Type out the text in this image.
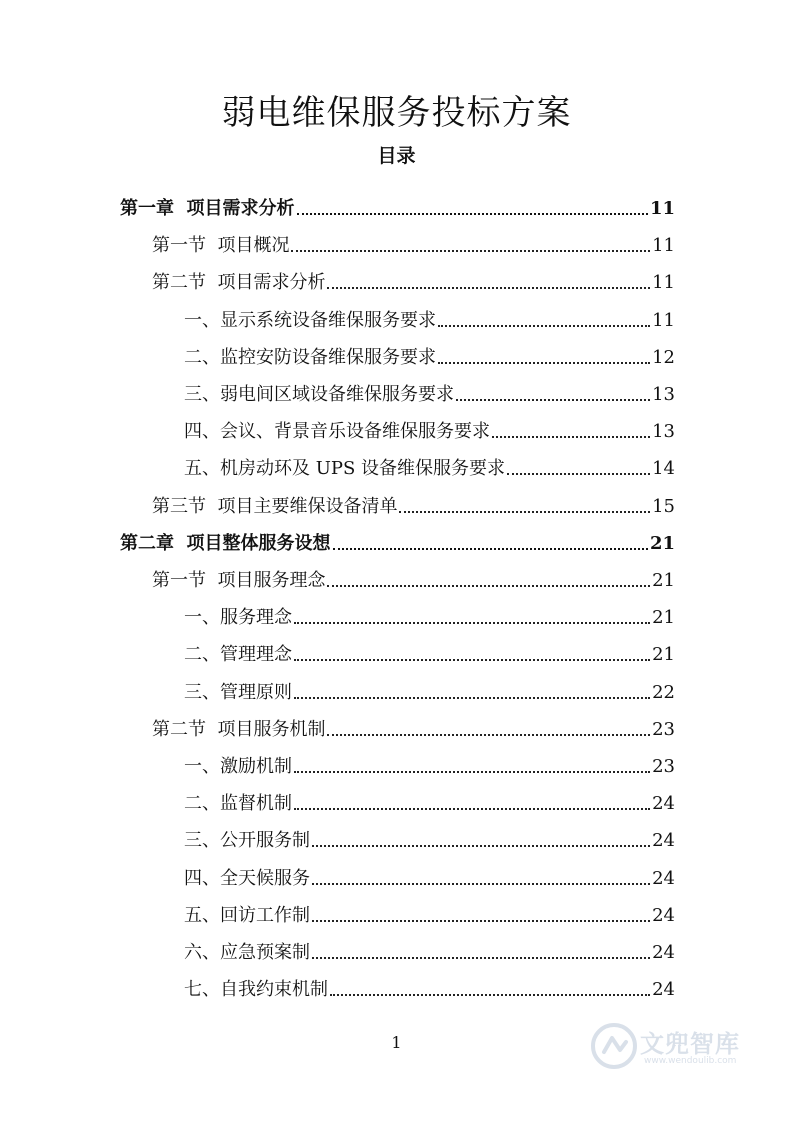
弱电维保服务投标方案
目录
第一章  项目需求分析	11
第一节  项目概况	11
第二节  项目需求分析	11
一、显示系统设备维保服务要求	11
二、监控安防设备维保服务要求	12
三、弱电间区域设备维保服务要求	13
四、会议、背景音乐设备维保服务要求	13
五、机房动环及 UPS 设备维保服务要求	14
第三节  项目主要维保设备清单	15
第二章  项目整体服务设想	21
第一节  项目服务理念	21
一、服务理念	21
二、管理理念	21
三、管理原则	22
第二节  项目服务机制	23
一、激励机制	23
二、监督机制	24
三、公开服务制	24
四、全天候服务	24
五、回访工作制	24
六、应急预案制	24
七、自我约束机制	24
1	文兜智库
www.wendoulib.com
